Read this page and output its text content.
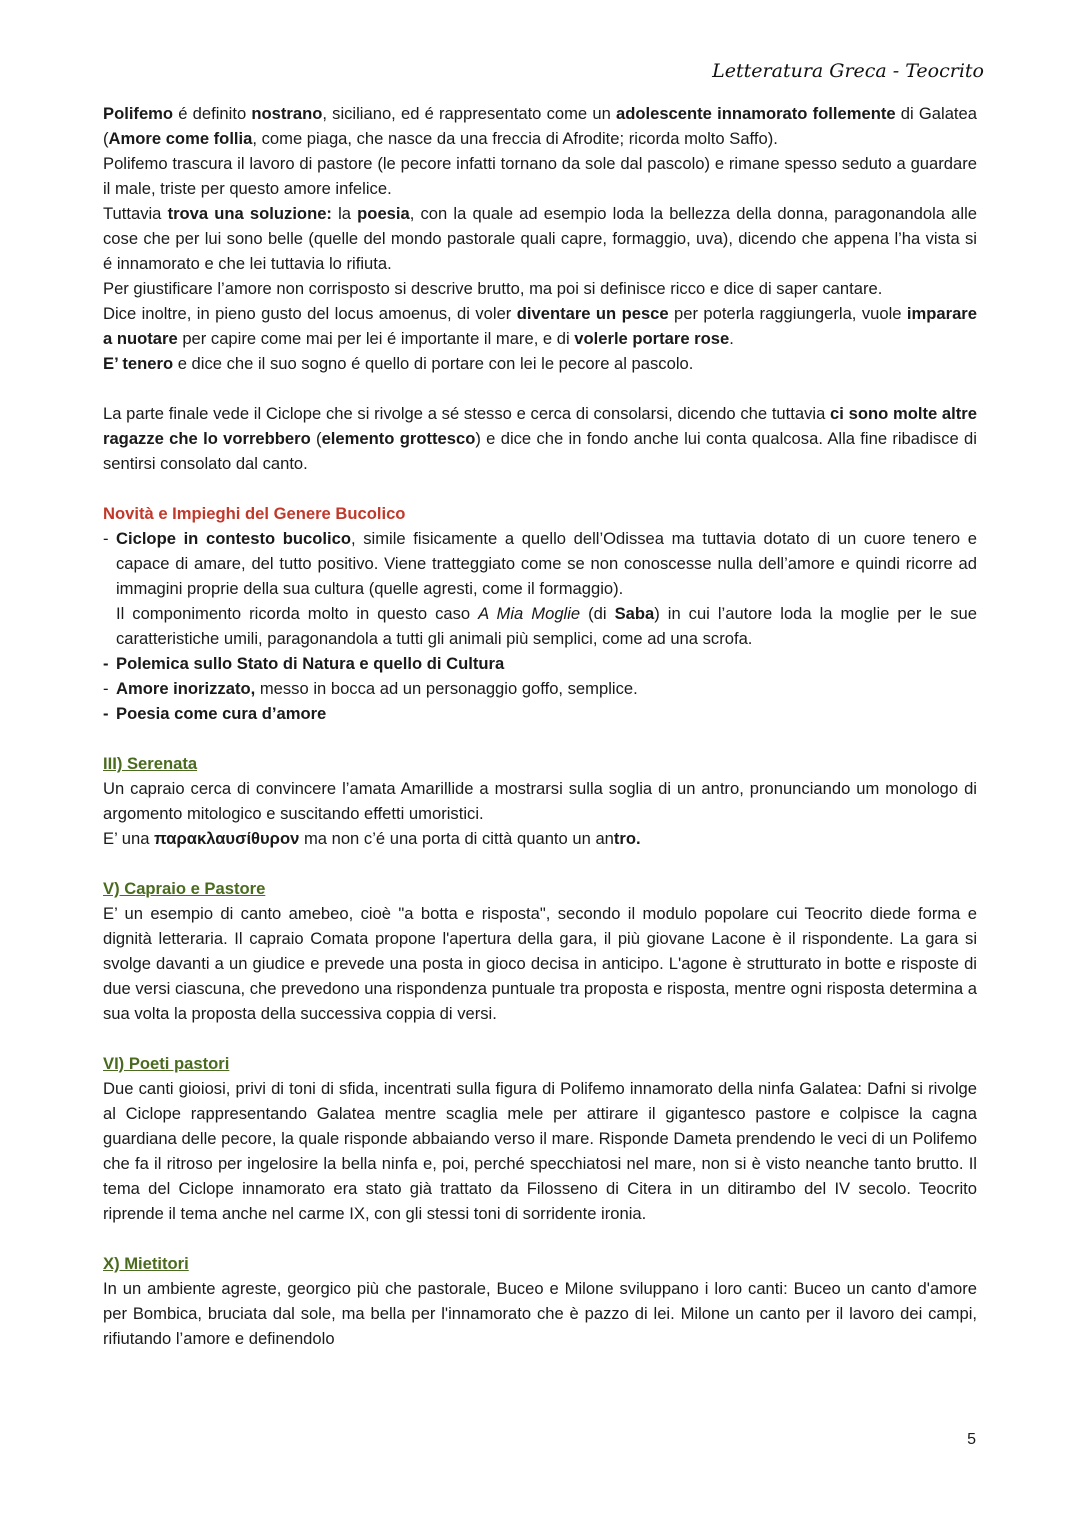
Letteratura Greca - Teocrito

Polifemo é definito nostrano, siciliano, ed é rappresentato come un adolescente innamorato follemente di Galatea (Amore come follia, come piaga, che nasce da una freccia di Afrodite; ricorda molto Saffo).

Polifemo trascura il lavoro di pastore (le pecore infatti tornano da sole dal pascolo) e rimane spesso seduto a guardare il male, triste per questo amore infelice.

Tuttavia trova una soluzione: la poesia, con la quale ad esempio loda la bellezza della donna, paragonandola alle cose che per lui sono belle (quelle del mondo pastorale quali capre, formaggio, uva), dicendo che appena l’ha vista si é innamorato e che lei tuttavia lo rifiuta.

Per giustificare l’amore non corrisposto si descrive brutto, ma poi si definisce ricco e dice di saper cantare.

Dice inoltre, in pieno gusto del locus amoenus, di voler diventare un pesce per poterla raggiungerla, vuole imparare a nuotare per capire come mai per lei é importante il mare, e di volerle portare rose.

E’ tenero e dice che il suo sogno é quello di portare con lei le pecore al pascolo.

La parte finale vede il Ciclope che si rivolge a sé stesso e cerca di consolarsi, dicendo che tuttavia ci sono molte altre ragazze che lo vorrebbero (elemento grottesco) e dice che in fondo anche lui conta qualcosa. Alla fine ribadisce di sentirsi consolato dal canto.

Novità e Impieghi del Genere Bucolico

- Ciclope in contesto bucolico, simile fisicamente a quello dell’Odissea ma tuttavia dotato di un cuore tenero e capace di amare, del tutto positivo. Viene tratteggiato come se non conoscesse nulla dell’amore e quindi ricorre ad immagini proprie della sua cultura (quelle agresti, come il formaggio).
Il componimento ricorda molto in questo caso A Mia Moglie (di Saba) in cui l’autore loda la moglie per le sue caratteristiche umili, paragonandola a tutti gli animali più semplici, come ad una scrofa.
- Polemica sullo Stato di Natura e quello di Cultura
- Amore inorizzato, messo in bocca ad un personaggio goffo, semplice.
- Poesia come cura d’amore

III) Serenata

Un capraio cerca di convincere l’amata Amarillide a mostrarsi sulla soglia di un antro, pronunciando um monologo di argomento mitologico e suscitando effetti umoristici.

E’ una παρακλαυσίθυρον ma non c’é una porta di città quanto un antro.

V) Capraio e Pastore

E’ un esempio di canto amebeo, cioè "a botta e risposta", secondo il modulo popolare cui Teocrito diede forma e dignità letteraria. Il capraio Comata propone l'apertura della gara, il più giovane Lacone è il rispondente. La gara si svolge davanti a un giudice e prevede una posta in gioco decisa in anticipo. L'agone è strutturato in botte e risposte di due versi ciascuna, che prevedono una rispondenza puntuale tra proposta e risposta, mentre ogni risposta determina a sua volta la proposta della successiva coppia di versi.

VI) Poeti pastori

Due canti gioiosi, privi di toni di sfida, incentrati sulla figura di Polifemo innamorato della ninfa Galatea: Dafni si rivolge al Ciclope rappresentando Galatea mentre scaglia mele per attirare il gigantesco pastore e colpisce la cagna guardiana delle pecore, la quale risponde abbaiando verso il mare. Risponde Dameta prendendo le veci di un Polifemo che fa il ritroso per ingelosire la bella ninfa e, poi, perché specchiatosi nel mare, non si è visto neanche tanto brutto. Il tema del Ciclope innamorato era stato già trattato da Filosseno di Citera in un ditirambo del IV secolo. Teocrito riprende il tema anche nel carme IX, con gli stessi toni di sorridente ironia.

X) Mietitori

In un ambiente agreste, georgico più che pastorale, Buceo e Milone sviluppano i loro canti: Buceo un canto d'amore per Bombica, bruciata dal sole, ma bella per l'innamorato che è pazzo di lei. Milone un canto per il lavoro dei campi, rifiutando l’amore e definendolo

5
